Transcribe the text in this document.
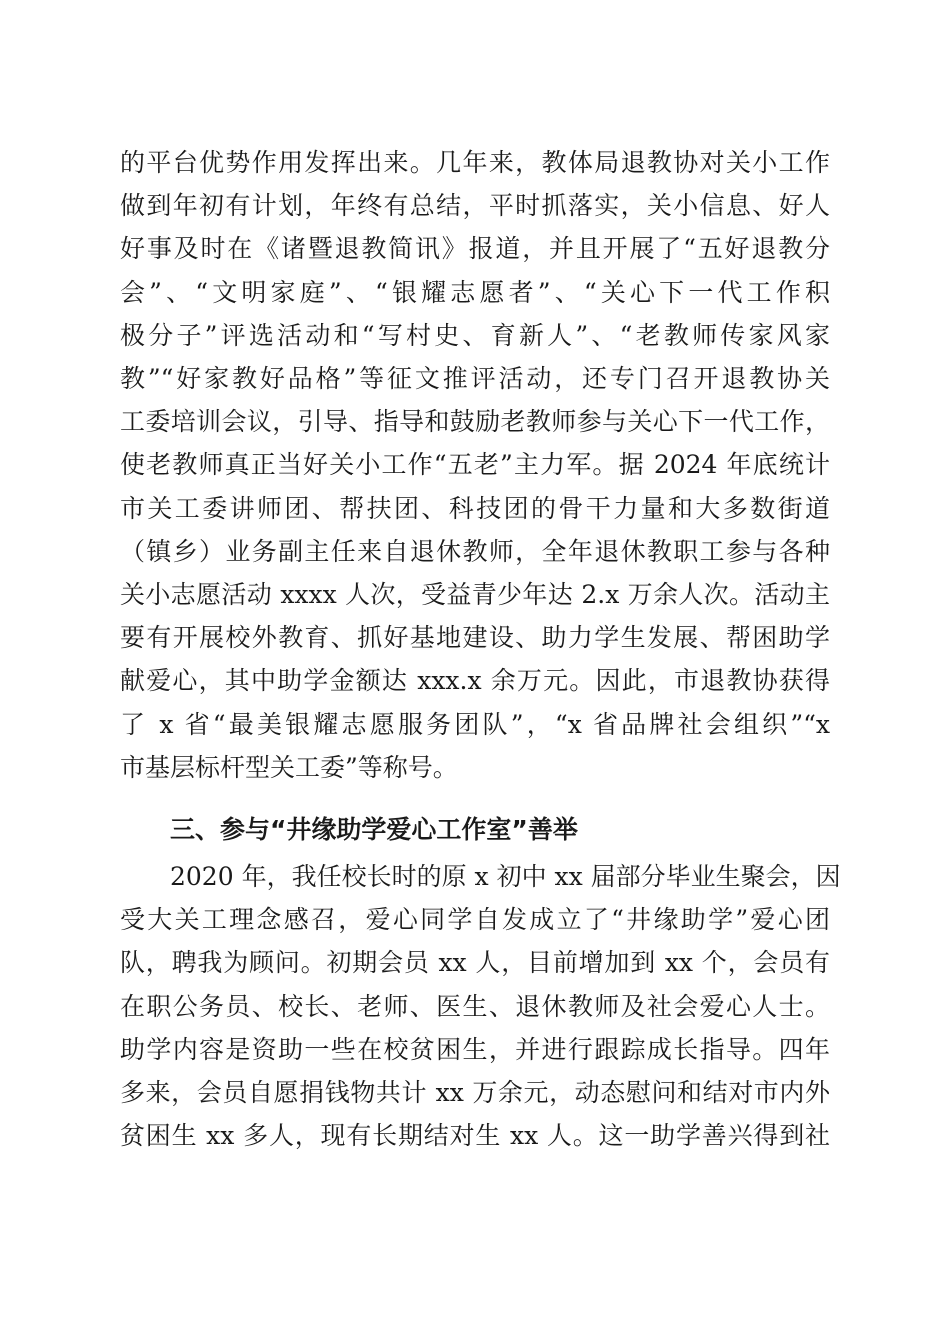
的平台优势作用发挥出来。几年来，教体局退教协对关小工作
做到年初有计划，年终有总结，平时抓落实，关小信息、好人
好事及时在《诸暨退教简讯》报道，并且开展了“五好退教分
会”、“文明家庭”、“银耀志愿者”、“关心下一代工作积
极分子”评选活动和“写村史、育新人”、“老教师传家风家
教”“好家教好品格”等征文推评活动，还专门召开退教协关
工委培训会议，引导、指导和鼓励老教师参与关心下一代工作，
使老教师真正当好关小工作“五老”主力军。据 2024 年底统计
市关工委讲师团、帮扶团、科技团的骨干力量和大多数街道
（镇乡）业务副主任来自退休教师，全年退休教职工参与各种
关小志愿活动 xxxx 人次，受益青少年达 2.x 万余人次。活动主
要有开展校外教育、抓好基地建设、助力学生发展、帮困助学
献爱心，其中助学金额达 xxx.x 余万元。因此，市退教协获得
了 x 省“最美银耀志愿服务团队”，“x 省品牌社会组织”“x
市基层标杆型关工委”等称号。
三、参与“井缘助学爱心工作室”善举
2020 年，我任校长时的原 x 初中 xx 届部分毕业生聚会，因
受大关工理念感召，爱心同学自发成立了“井缘助学”爱心团
队，聘我为顾问。初期会员 xx 人，目前增加到 xx 个，会员有
在职公务员、校长、老师、医生、退休教师及社会爱心人士。
助学内容是资助一些在校贫困生，并进行跟踪成长指导。四年
多来，会员自愿捐钱物共计 xx 万余元，动态慰问和结对市内外
贫困生 xx 多人，现有长期结对生 xx 人。这一助学善兴得到社
